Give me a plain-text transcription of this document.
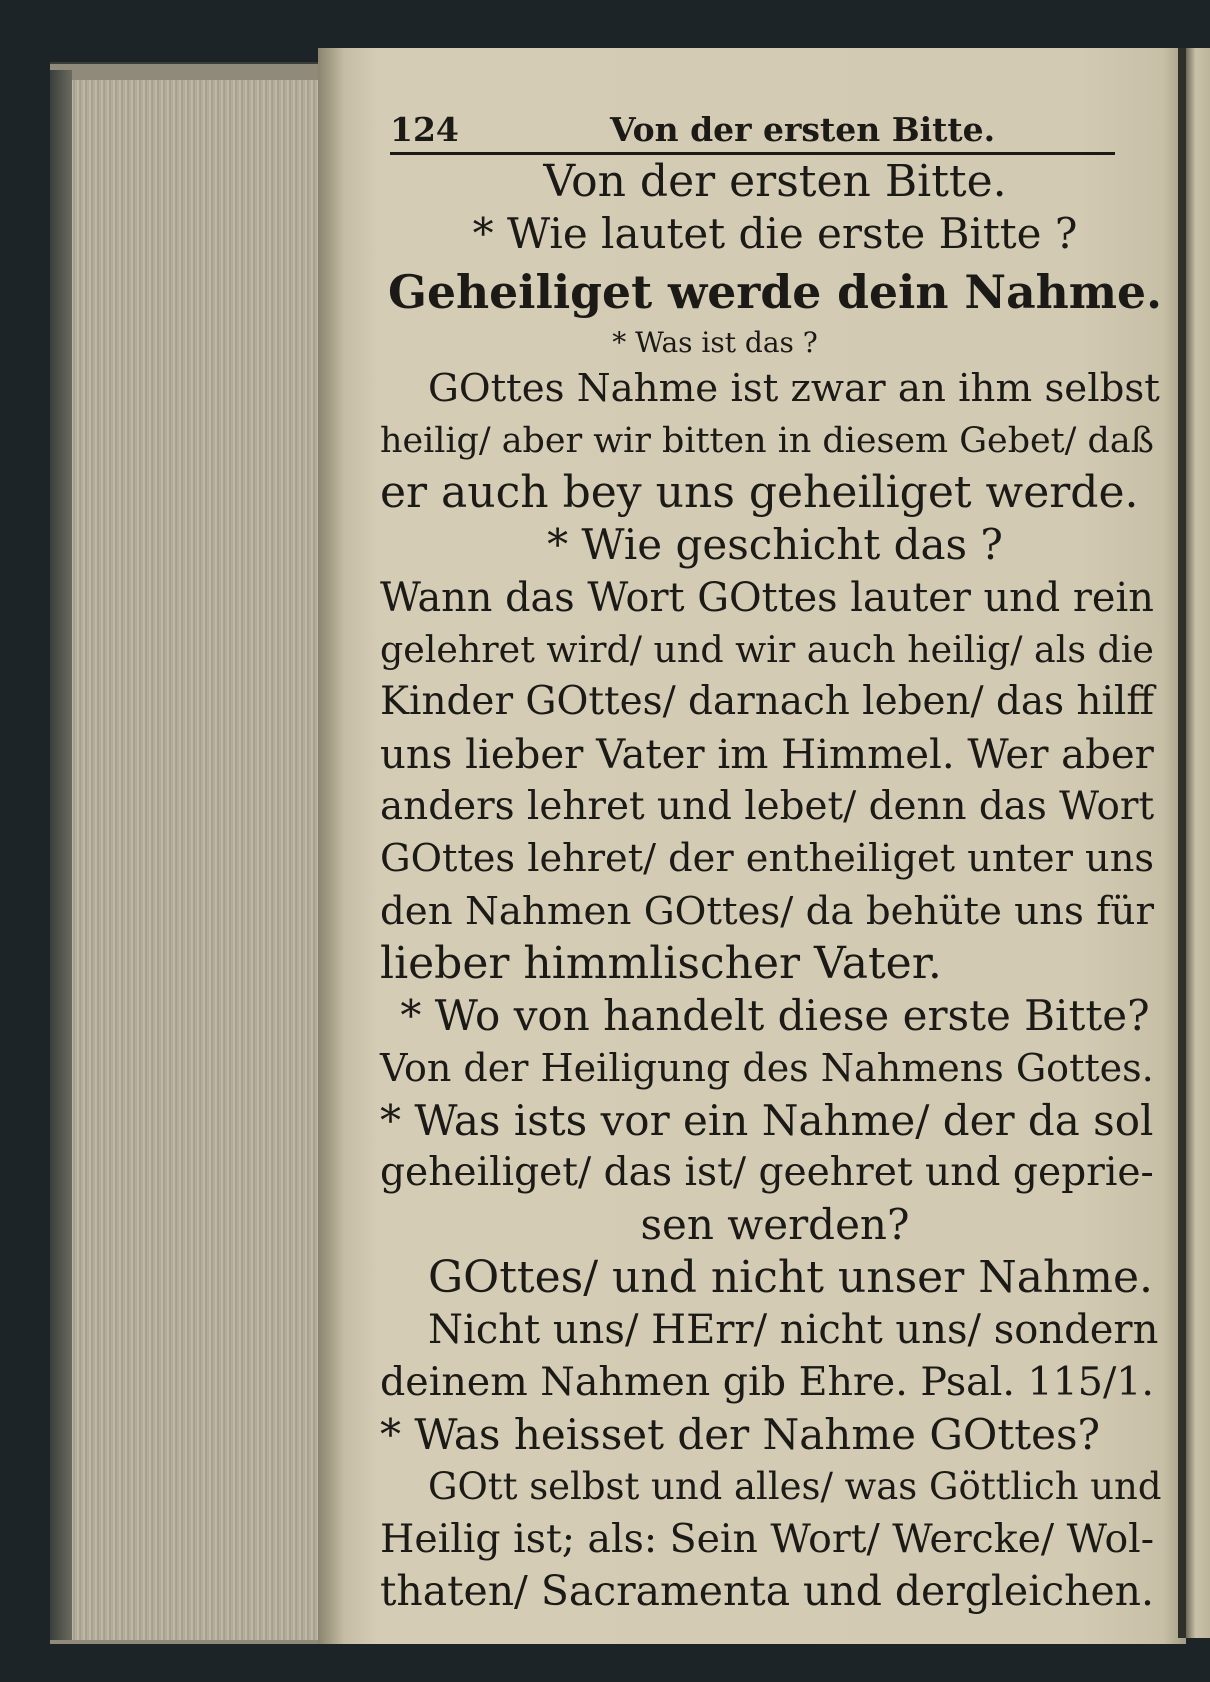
124	Von der ersten Bitte.
Von der ersten Bitte.
* Wie lautet die erste Bitte ?
Geheiliget werde dein Nahme.
* Was ist das ?
GOttes Nahme ist zwar an ihm selbst
heilig/ aber wir bitten in diesem Gebet/ daß
er auch bey uns geheiliget werde.
* Wie geschicht das ?
Wann das Wort GOttes lauter und rein
gelehret wird/ und wir auch heilig/ als die
Kinder GOttes/ darnach leben/ das hilff
uns lieber Vater im Himmel. Wer aber
anders lehret und lebet/ denn das Wort
GOttes lehret/ der entheiliget unter uns
den Nahmen GOttes/ da behüte uns für
lieber himmlischer Vater.
* Wo von handelt diese erste Bitte?
Von der Heiligung des Nahmens Gottes.
* Was ists vor ein Nahme/ der da sol
geheiliget/ das ist/ geehret und geprie-
sen werden?
GOttes/ und nicht unser Nahme.
Nicht uns/ HErr/ nicht uns/ sondern
deinem Nahmen gib Ehre. Psal. 115/1.
* Was heisset der Nahme GOttes?
GOtt selbst und alles/ was Göttlich und
Heilig ist; als: Sein Wort/ Wercke/ Wol-
thaten/ Sacramenta und dergleichen.
